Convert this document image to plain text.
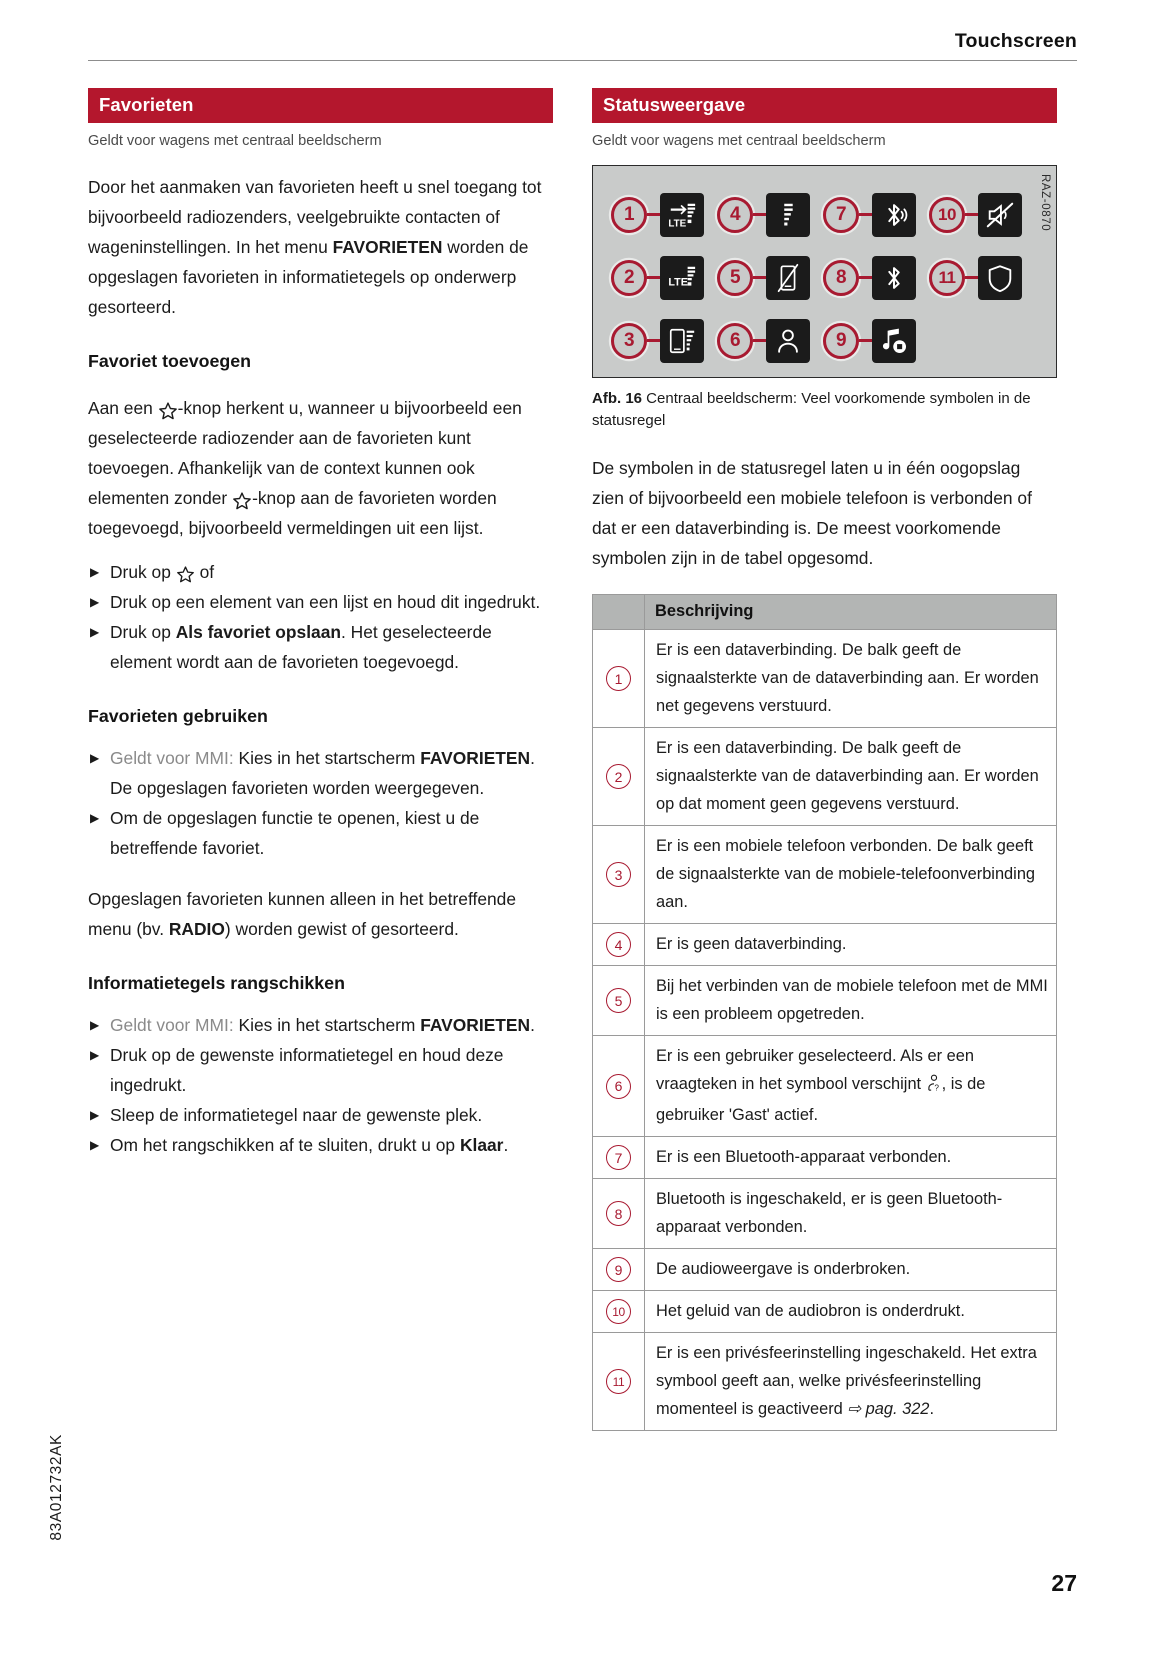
Touchscreen
Favorieten
Geldt voor wagens met centraal beeldscherm

Door het aanmaken van favorieten heeft u snel toegang tot bijvoorbeeld radiozenders, veelgebruikte contacten of wageninstellingen. In het menu FAVORIETEN worden de opgeslagen favorieten in informatietegels op onderwerp gesorteerd.

Favoriet toevoegen

Aan een -knop herkent u, wanneer u bijvoorbeeld een geselecteerde radiozender aan de favorieten kunt toevoegen. Afhankelijk van de context kunnen ook elementen zonder -knop aan de favorieten worden toegevoegd, bijvoorbeeld vermeldingen uit een lijst.

▶ Druk op  of
▶ Druk op een element van een lijst en houd dit ingedrukt.
▶ Druk op Als favoriet opslaan. Het geselecteerde element wordt aan de favorieten toegevoegd.
Favorieten gebruiken
▶ Geldt voor MMI: Kies in het startscherm FAVORIETEN. De opgeslagen favorieten worden weergegeven.
▶ Om de opgeslagen functie te openen, kiest u de betreffende favoriet.

Opgeslagen favorieten kunnen alleen in het betreffende menu (bv. RADIO) worden gewist of gesorteerd.

Informatietegels rangschikken
▶ Geldt voor MMI: Kies in het startscherm FAVORIETEN.
▶ Druk op de gewenste informatietegel en houd deze ingedrukt.
▶ Sleep de informatietegel naar de gewenste plek.
▶ Om het rangschikken af te sluiten, drukt u op Klaar.
Statusweergave
Geldt voor wagens met centraal beeldscherm
1	LTE	4	7	10
2	LTE	5	8	11
3	6	9
RAZ-0870
Afb. 16 Centraal beeldscherm: Veel voorkomende symbolen in de statusregel

De symbolen in de statusregel laten u in één oogopslag zien of bijvoorbeeld een mobiele telefoon is verbonden of dat er een dataverbinding is. De meest voorkomende symbolen zijn in de tabel opgesomd.

	Beschrijving
1	Er is een dataverbinding. De balk geeft de signaalsterkte van de dataverbinding aan. Er worden net gegevens verstuurd.
2	Er is een dataverbinding. De balk geeft de signaalsterkte van de dataverbinding aan. Er worden op dat moment geen gegevens verstuurd.
3	Er is een mobiele telefoon verbonden. De balk geeft de signaalsterkte van de mobiele-telefoonverbinding aan.
4	Er is geen dataverbinding.
5	Bij het verbinden van de mobiele telefoon met de MMI is een probleem opgetreden.
6	Er is een gebruiker geselecteerd. Als er een vraagteken in het symbool verschijnt ? , is de gebruiker 'Gast' actief.
7	Er is een Bluetooth-apparaat verbonden.
8	Bluetooth is ingeschakeld, er is geen Bluetooth-apparaat verbonden.
9	De audioweergave is onderbroken.
10	Het geluid van de audiobron is onderdrukt.
11	Er is een privésfeerinstelling ingeschakeld. Het extra symbool geeft aan, welke privésfeerinstelling momenteel is geactiveerd ⇨ pag. 322.
83A012732AK
27
